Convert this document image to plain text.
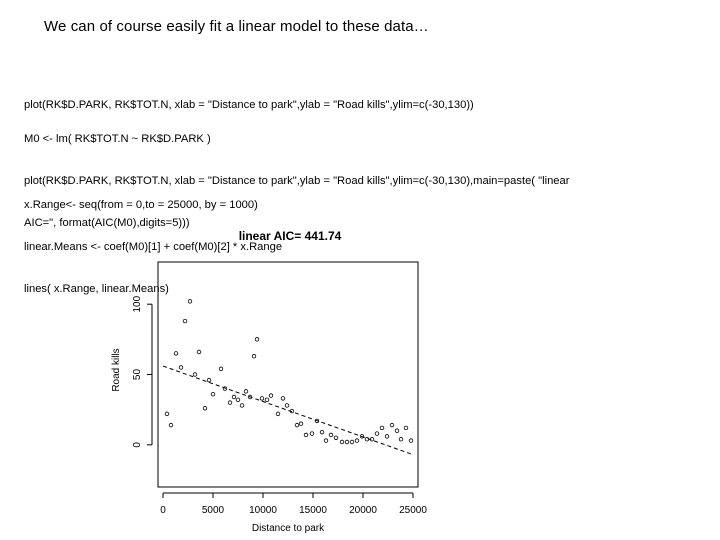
We can of course easily fit a linear model to these data…

plot(RK$D.PARK, RK$TOT.N, xlab = "Distance to park",ylab = "Road kills",ylim=c(-30,130))

M0 <- lm( RK$TOT.N ~ RK$D.PARK )

plot(RK$D.PARK, RK$TOT.N, xlab = "Distance to park",ylab = "Road kills",ylim=c(-30,130),main=paste( "linear

AIC=", format(AIC(M0),digits=5)))

x.Range<- seq(from = 0,to = 25000, by = 1000)

linear.Means <- coef(M0)[1] + coef(M0)[2] * x.Range

lines( x.Range, linear.Means)

linear AIC= 441.74
0	5000 10000 15000 20000 25000
0
50
100
Distance to park
Road kills
